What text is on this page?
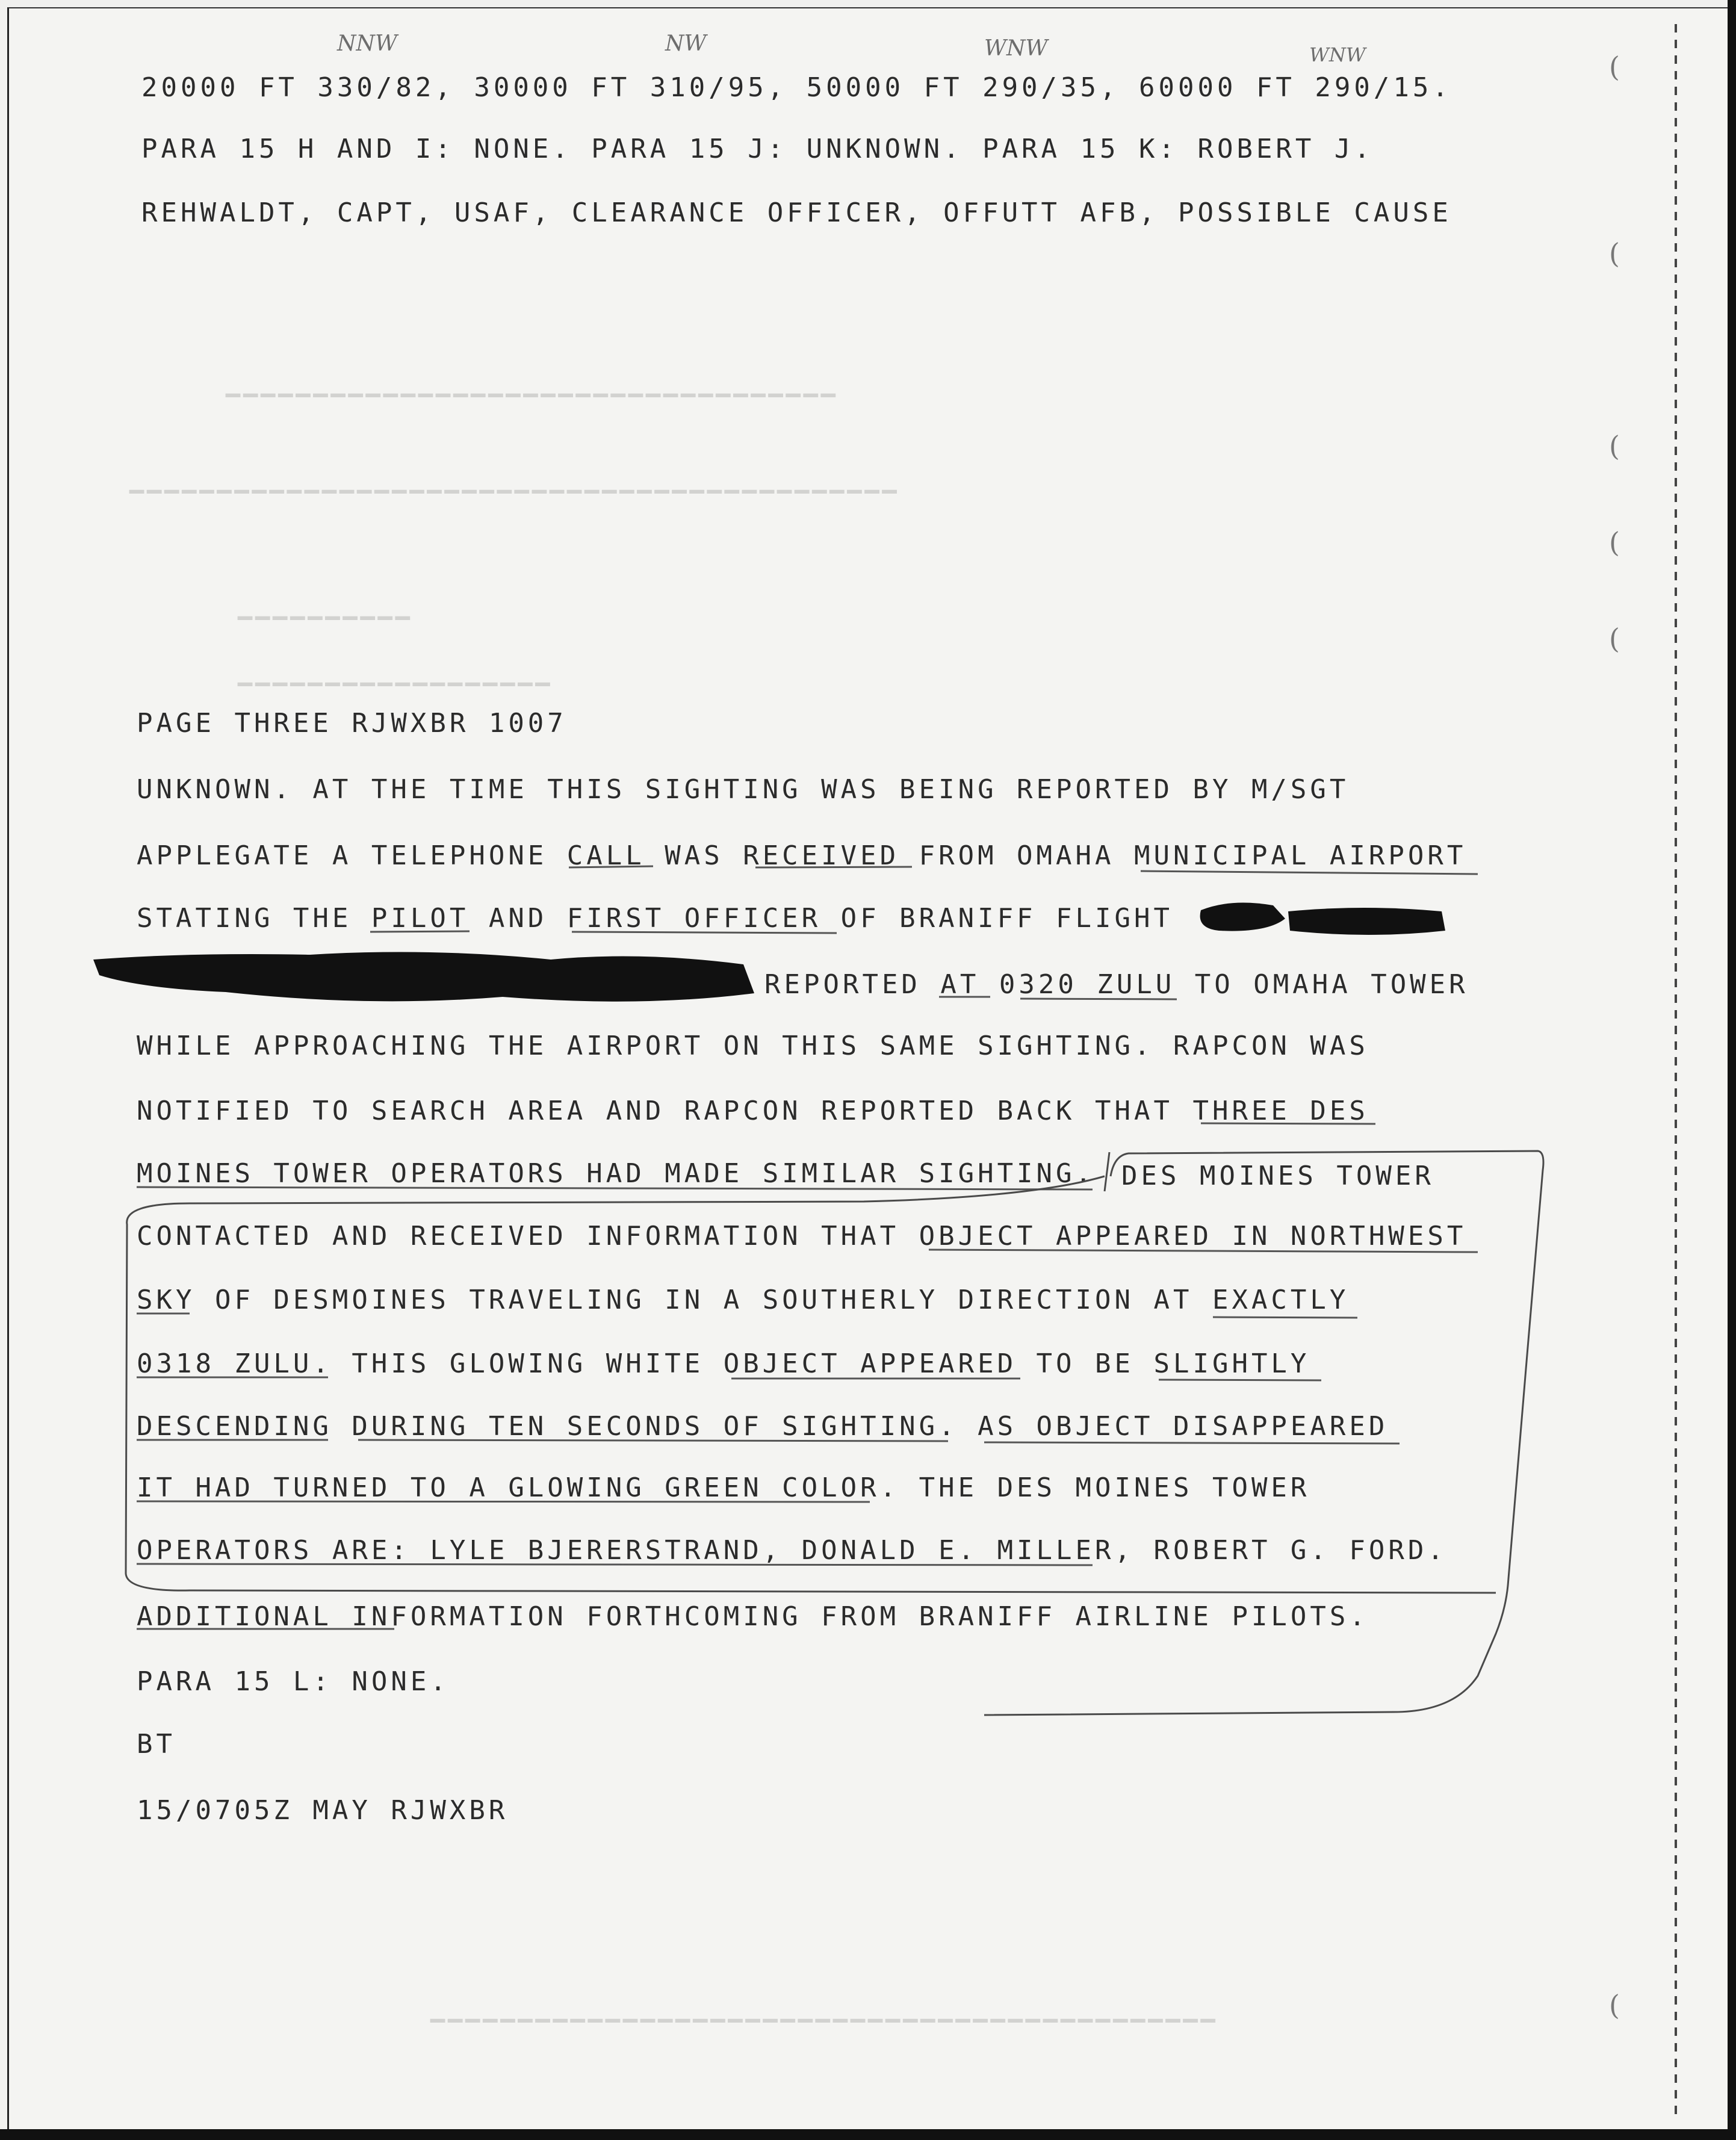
▁▁▁▁▁▁▁▁▁▁▁▁▁▁▁▁▁▁▁▁▁▁▁▁▁▁▁▁▁▁▁▁▁▁▁
▁▁▁▁▁▁▁▁▁▁▁▁▁▁▁▁▁▁▁▁▁▁▁▁▁▁▁▁▁▁▁▁▁▁▁▁▁▁▁▁▁▁▁▁
▁▁▁▁▁▁▁▁▁▁
▁▁▁▁▁▁▁▁▁▁▁▁▁▁▁▁▁▁
▁▁▁▁▁▁▁▁▁▁▁▁▁▁▁▁▁▁▁▁▁▁▁▁▁▁▁▁▁▁▁▁▁▁▁▁▁▁▁▁▁▁▁▁▁
NNW	NW	WNW	WNW
20000 FT 330/82, 30000 FT 310/95, 50000 FT 290/35, 60000 FT 290/15.
PARA 15 H AND I: NONE. PARA 15 J: UNKNOWN. PARA 15 K: ROBERT J.
REHWALDT, CAPT, USAF, CLEARANCE OFFICER, OFFUTT AFB, POSSIBLE CAUSE
PAGE THREE RJWXBR 1007
UNKNOWN. AT THE TIME THIS SIGHTING WAS BEING REPORTED BY M/SGT
APPLEGATE A TELEPHONE CALL WAS RECEIVED FROM OMAHA MUNICIPAL AIRPORT
STATING THE PILOT AND FIRST OFFICER OF BRANIFF FLIGHT
REPORTED AT 0320 ZULU TO OMAHA TOWER
WHILE APPROACHING THE AIRPORT ON THIS SAME SIGHTING. RAPCON WAS
NOTIFIED TO SEARCH AREA AND RAPCON REPORTED BACK THAT THREE DES
MOINES TOWER OPERATORS HAD MADE SIMILAR SIGHTING. DES MOINES TOWER
CONTACTED AND RECEIVED INFORMATION THAT OBJECT APPEARED IN NORTHWEST
SKY OF DESMOINES TRAVELING IN A SOUTHERLY DIRECTION AT EXACTLY
0318 ZULU. THIS GLOWING WHITE OBJECT APPEARED TO BE SLIGHTLY
DESCENDING DURING TEN SECONDS OF SIGHTING. AS OBJECT DISAPPEARED
IT HAD TURNED TO A GLOWING GREEN COLOR. THE DES MOINES TOWER
OPERATORS ARE: LYLE BJERERSTRAND, DONALD E. MILLER, ROBERT G. FORD.
ADDITIONAL INFORMATION FORTHCOMING FROM BRANIFF AIRLINE PILOTS.
PARA 15 L: NONE.
BT
15/0705Z MAY RJWXBR
(
(
(
(
(
(
